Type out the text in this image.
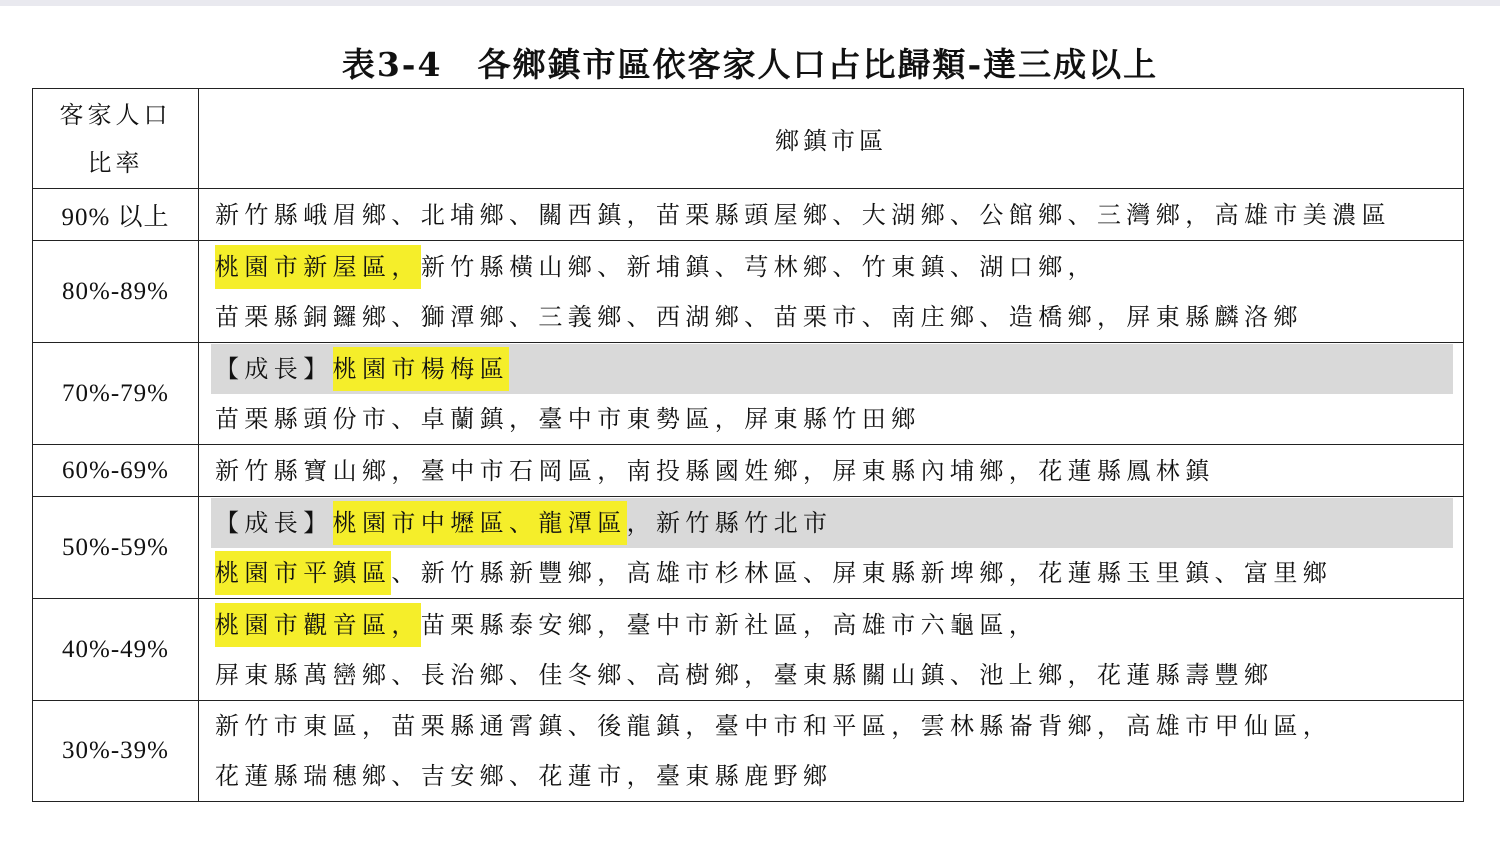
表3-4　各鄉鎮市區依客家人口占比歸類-達三成以上
客家人口
比率	鄉鎮市區
90% 以上	新竹縣峨眉鄉、北埔鄉、關西鎮，苗栗縣頭屋鄉、大湖鄉、公館鄉、三灣鄉，高雄市美濃區

80%-89%	桃園市新屋區，新竹縣橫山鄉、新埔鎮、芎林鄉、竹東鎮、湖口鄉，
苗栗縣銅鑼鄉、獅潭鄉、三義鄉、西湖鄉、苗栗市、南庄鄉、造橋鄉，屏東縣麟洛鄉

70%-79%	【成長】桃園市楊梅區
苗栗縣頭份市、卓蘭鎮，臺中市東勢區，屏東縣竹田鄉

60%-69%	新竹縣寶山鄉，臺中市石岡區，南投縣國姓鄉，屏東縣內埔鄉，花蓮縣鳳林鎮

50%-59%	【成長】桃園市中壢區、龍潭區，新竹縣竹北市
桃園市平鎮區、新竹縣新豐鄉，高雄市杉林區、屏東縣新埤鄉，花蓮縣玉里鎮、富里鄉

40%-49%	桃園市觀音區，苗栗縣泰安鄉，臺中市新社區，高雄市六龜區，
屏東縣萬巒鄉、長治鄉、佳冬鄉、高樹鄉，臺東縣關山鎮、池上鄉，花蓮縣壽豐鄉

30%-39%	新竹市東區，苗栗縣通霄鎮、後龍鎮，臺中市和平區，雲林縣崙背鄉，高雄市甲仙區，
花蓮縣瑞穗鄉、吉安鄉、花蓮市，臺東縣鹿野鄉
